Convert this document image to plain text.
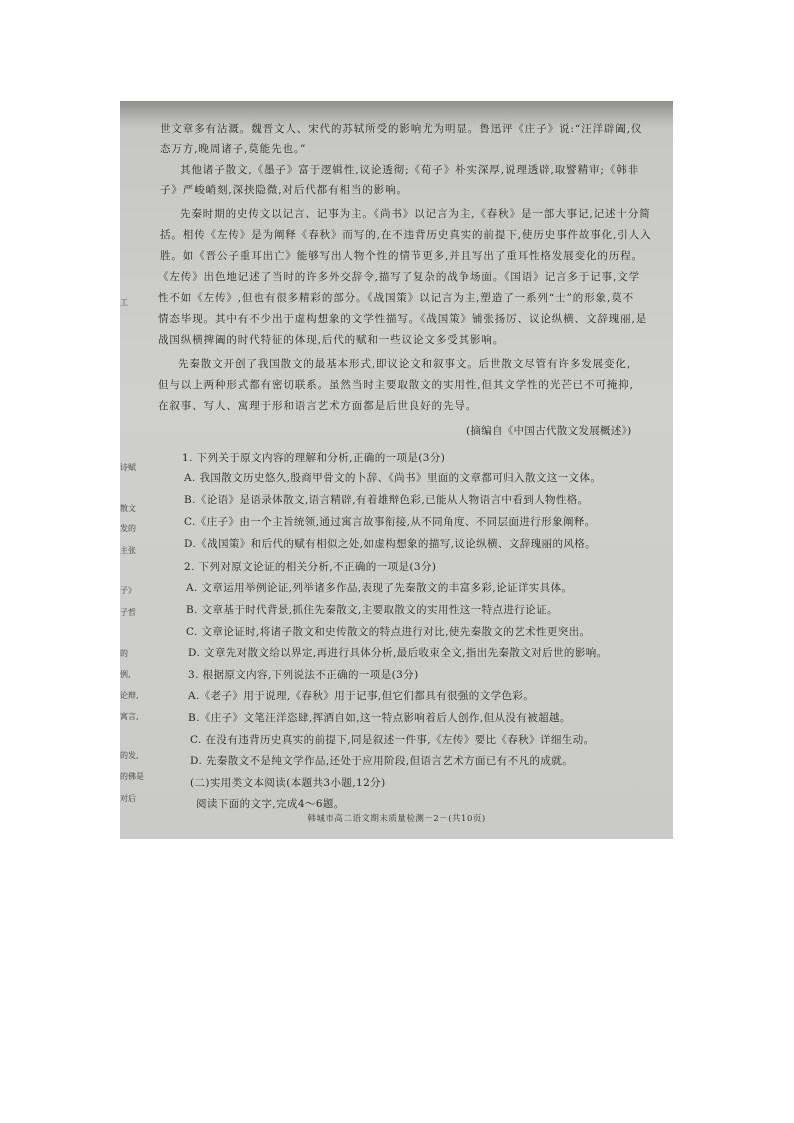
世文章多有沾溉。魏晋文人、宋代的苏轼所受的影响尤为明显。鲁迅评《庄子》说:“汪洋辟阖,仪
态万方,晚周诸子,莫能先也。”
其他诸子散文,《墨子》富于逻辑性,议论透彻;《荀子》朴实深厚,说理透辟,取譬精审;《韩非
子》严峻峭刻,深挟隐微,对后代都有相当的影响。
先秦时期的史传文以记言、记事为主。《尚书》以记言为主,《春秋》是一部大事记,记述十分简
括。相传《左传》是为阐释《春秋》而写的,在不违背历史真实的前提下,使历史事件故事化,引人入
胜。如《晋公子重耳出亡》能够写出人物个性的情节更多,并且写出了重耳性格发展变化的历程。
《左传》出色地记述了当时的许多外交辞令,描写了复杂的战争场面。《国语》记言多于记事,文学
性不如《左传》,但也有很多精彩的部分。《战国策》以记言为主,塑造了一系列“士”的形象,莫不
情态毕现。其中有不少出于虚构想象的文学性描写。《战国策》铺张扬厉、议论纵横、文辞瑰丽,是
战国纵横捭阖的时代特征的体现,后代的赋和一些议论文多受其影响。
先秦散文开创了我国散文的最基本形式,即议论文和叙事文。后世散文尽管有许多发展变化,
但与以上两种形式都有密切联系。虽然当时主要取散文的实用性,但其文学性的光芒已不可掩抑,
在叙事、写人、寓理于形和语言艺术方面都是后世良好的先导。
(摘编自《中国古代散文发展概述》)
1. 下列关于原文内容的理解和分析,正确的一项是(3分)
A. 我国散文历史悠久,殷商甲骨文的卜辞、《尚书》里面的文章都可归入散文这一文体。
B.《论语》是语录体散文,语言精辟,有着雄辩色彩,已能从人物语言中看到人物性格。
C.《庄子》由一个主旨统领,通过寓言故事衔接,从不同角度、不同层面进行形象阐释。
D.《战国策》和后代的赋有相似之处,如虚构想象的描写,议论纵横、文辞瑰丽的风格。
2. 下列对原文论证的相关分析,不正确的一项是(3分)
A. 文章运用举例论证,列举诸多作品,表现了先秦散文的丰富多彩,论证详实具体。
B. 文章基于时代背景,抓住先秦散文,主要取散文的实用性这一特点进行论证。
C. 文章论证时,将诸子散文和史传散文的特点进行对比,使先秦散文的艺术性更突出。
D. 文章先对散文给以界定,再进行具体分析,最后收束全文,指出先秦散文对后世的影响。
3. 根据原文内容,下列说法不正确的一项是(3分)
A.《老子》用于说理,《春秋》用于记事,但它们都具有很强的文学色彩。
B.《庄子》文笔汪洋恣肆,挥洒自如,这一特点影响着后人创作,但从没有被超越。
C. 在没有违背历史真实的前提下,同是叙述一件事,《左传》要比《春秋》详细生动。
D. 先秦散文不是纯文学作品,还处于应用阶段,但语言艺术方面已有不凡的成就。
(二)实用类文本阅读(本题共3小题,12分)
阅读下面的文字,完成4～6题。
韩城市高二语文期末质量检测－2－(共10页)
工
诗赋
散文
发的
主张
子》
子哲
的
例,
论辩,
寓言,
的发,
的佛是
对后
